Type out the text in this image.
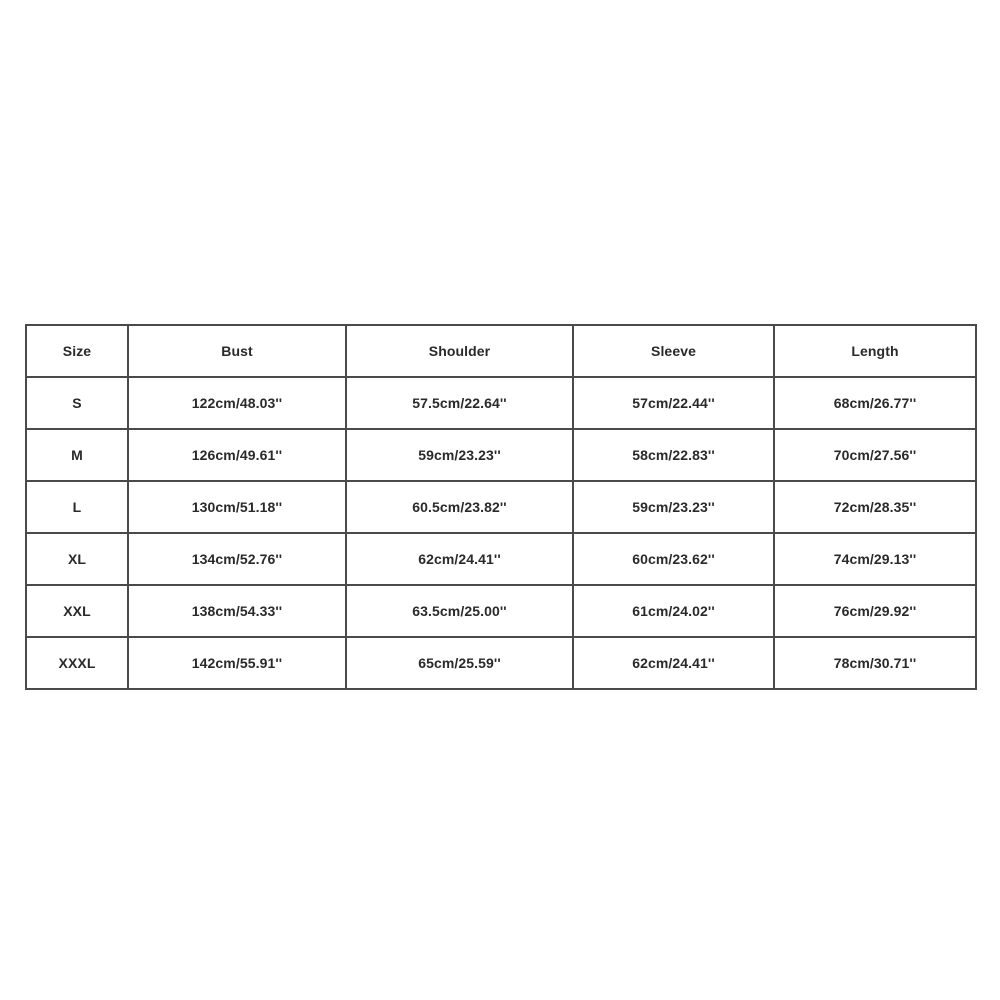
Size	Bust	Shoulder	Sleeve	Length
S	122cm/48.03''	57.5cm/22.64''	57cm/22.44''	68cm/26.77''
M	126cm/49.61''	59cm/23.23''	58cm/22.83''	70cm/27.56''
L	130cm/51.18''	60.5cm/23.82''	59cm/23.23''	72cm/28.35''
XL	134cm/52.76''	62cm/24.41''	60cm/23.62''	74cm/29.13''
XXL	138cm/54.33''	63.5cm/25.00''	61cm/24.02''	76cm/29.92''
XXXL	142cm/55.91''	65cm/25.59''	62cm/24.41''	78cm/30.71''
